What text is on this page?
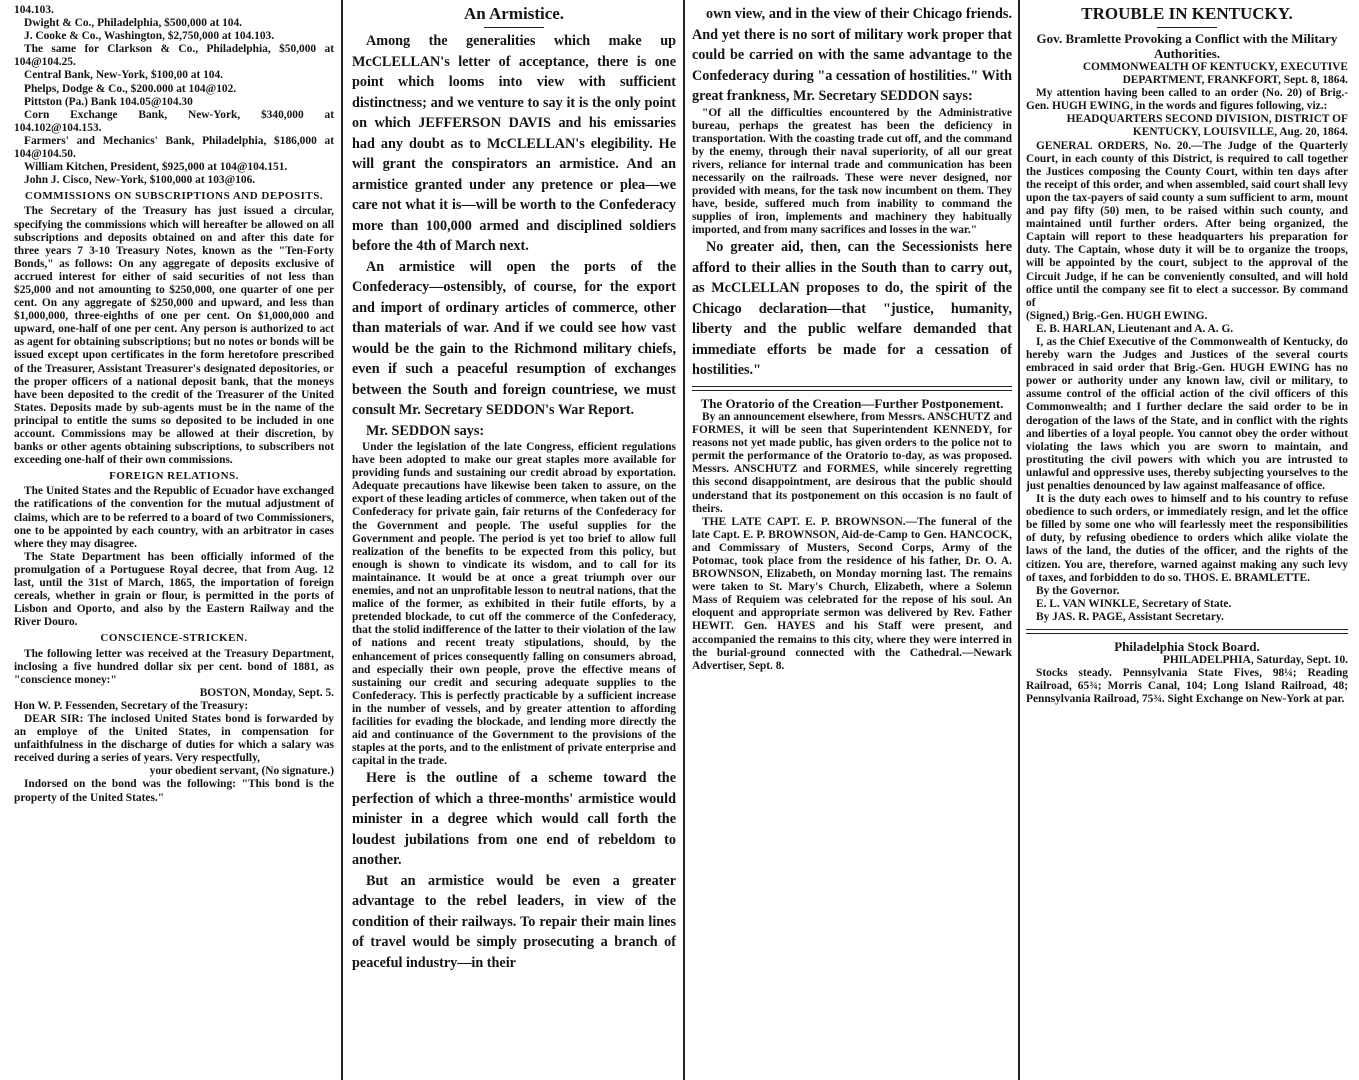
104.103.

Dwight & Co., Philadelphia, $500,000 at 104.

J. Cooke & Co., Washington, $2,750,000 at 104.103.

The same for Clarkson & Co., Philadelphia, $50,000 at 104@104.25.

Central Bank, New-York, $100,00 at 104.

Phelps, Dodge & Co., $200.000 at 104@102.

Pittston (Pa.) Bank 104.05@104.30

Corn Exchange Bank, New-York, $340,000 at 104.102@104.153.

Farmers' and Mechanics' Bank, Philadelphia, $186,000 at 104@104.50.

William Kitchen, President, $925,000 at 104@104.151.

John J. Cisco, New-York, $100,000 at 103@106.

COMMISSIONS ON SUBSCRIPTIONS AND DEPOSITS.

The Secretary of the Treasury has just issued a circular, specifying the commissions which will hereafter be allowed on all subscriptions and deposits obtained on and after this date for three years 7 3-10 Treasury Notes, known as the "Ten-Forty Bonds," as follows: On any aggregate of deposits exclusive of accrued interest for either of said securities of not less than $25,000 and not amounting to $250,000, one quarter of one per cent. On any aggregate of $250,000 and upward, and less than $1,000,000, three-eighths of one per cent. On $1,000,000 and upward, one-half of one per cent. Any person is authorized to act as agent for obtaining subscriptions; but no notes or bonds will be issued except upon certificates in the form heretofore prescribed of the Treasurer, Assistant Treasurer's designated depositories, or the proper officers of a national deposit bank, that the moneys have been deposited to the credit of the Treasurer of the United States. Deposits made by sub-agents must be in the name of the principal to entitle the sums so deposited to be included in one account. Commissions may be allowed at their discretion, by banks or other agents obtaining subscriptions, to subscribers not exceeding one-half of their own commissions.

FOREIGN RELATIONS.

The United States and the Republic of Ecuador have exchanged the ratifications of the convention for the mutual adjustment of claims, which are to be referred to a board of two Commissioners, one to be appointed by each country, with an arbitrator in cases where they may disagree.

The State Department has been officially informed of the promulgation of a Portuguese Royal decree, that from Aug. 12 last, until the 31st of March, 1865, the importation of foreign cereals, whether in grain or flour, is permitted in the ports of Lisbon and Oporto, and also by the Eastern Railway and the River Douro.

CONSCIENCE-STRICKEN.

The following letter was received at the Treasury Department, inclosing a five hundred dollar six per cent. bond of 1881, as "conscience money:"

BOSTON, Monday, Sept. 5.

Hon W. P. Fessenden, Secretary of the Treasury:

DEAR SIR: The inclosed United States bond is forwarded by an employe of the United States, in compensation for unfaithfulness in the discharge of duties for which a salary was received during a series of years. Very respectfully,

your obedient servant, (No signature.)

Indorsed on the bond was the following: "This bond is the property of the United States."

An Armistice.

Among the generalities which make up McCLELLAN's letter of acceptance, there is one point which looms into view with sufficient distinctness; and we venture to say it is the only point on which JEFFERSON DAVIS and his emissaries had any doubt as to McCLELLAN's elegibility. He will grant the conspirators an armistice. And an armistice granted under any pretence or plea—we care not what it is—will be worth to the Confederacy more than 100,000 armed and disciplined soldiers before the 4th of March next.

An armistice will open the ports of the Confederacy—ostensibly, of course, for the export and import of ordinary articles of commerce, other than materials of war. And if we could see how vast would be the gain to the Richmond military chiefs, even if such a peaceful resumption of exchanges between the South and foreign countriese, we must consult Mr. Secretary SEDDON's War Report.

Mr. SEDDON says:

Under the legislation of the late Congress, efficient regulations have been adopted to make our great staples more available for providing funds and sustaining our credit abroad by exportation. Adequate precautions have likewise been taken to assure, on the export of these leading articles of commerce, when taken out of the Confederacy for private gain, fair returns of the Confederacy for the Government and people. The useful supplies for the Government and people. The period is yet too brief to allow full realization of the benefits to be expected from this policy, but enough is shown to vindicate its wisdom, and to call for its maintainance. It would be at once a great triumph over our enemies, and not an unprofitable lesson to neutral nations, that the malice of the former, as exhibited in their futile efforts, by a pretended blockade, to cut off the commerce of the Confederacy, that the stolid indifference of the latter to their violation of the law of nations and recent treaty stipulations, should, by the enhancement of prices consequently falling on consumers abroad, and especially their own people, prove the effective means of sustaining our credit and securing adequate supplies to the Confederacy. This is perfectly practicable by a sufficient increase in the number of vessels, and by greater attention to affording facilities for evading the blockade, and lending more directly the aid and continuance of the Government to the provisions of the staples at the ports, and to the enlistment of private enterprise and capital in the trade.

Here is the outline of a scheme toward the perfection of which a three-months' armistice would minister in a degree which would call forth the loudest jubilations from one end of rebeldom to another.

But an armistice would be even a greater advantage to the rebel leaders, in view of the condition of their railways. To repair their main lines of travel would be simply prosecuting a branch of peaceful industry—in their

own view, and in the view of their Chicago friends. And yet there is no sort of military work proper that could be carried on with the same advantage to the Confederacy during "a cessation of hostilities." With great frankness, Mr. Secretary SEDDON says:

"Of all the difficulties encountered by the Administrative bureau, perhaps the greatest has been the deficiency in transportation. With the coasting trade cut off, and the command by the enemy, through their naval superiority, of all our great rivers, reliance for internal trade and communication has been necessarily on the railroads. These were never designed, nor provided with means, for the task now incumbent on them. They have, beside, suffered much from inability to command the supplies of iron, implements and machinery they habitually imported, and from many sacrifices and losses in the war."

No greater aid, then, can the Secessionists here afford to their allies in the South than to carry out, as McCLELLAN proposes to do, the spirit of the Chicago declaration—that "justice, humanity, liberty and the public welfare demanded that immediate efforts be made for a cessation of hostilities."

The Oratorio of the Creation—Further Postponement.

By an announcement elsewhere, from Messrs. ANSCHUTZ and FORMES, it will be seen that Superintendent KENNEDY, for reasons not yet made public, has given orders to the police not to permit the performance of the Oratorio to-day, as was proposed. Messrs. ANSCHUTZ and FORMES, while sincerely regretting this second disappointment, are desirous that the public should understand that its postponement on this occasion is no fault of theirs.

THE LATE CAPT. E. P. BROWNSON.—The funeral of the late Capt. E. P. BROWNSON, Aid-de-Camp to Gen. HANCOCK, and Commissary of Musters, Second Corps, Army of the Potomac, took place from the residence of his father, Dr. O. A. BROWNSON, Elizabeth, on Monday morning last. The remains were taken to St. Mary's Church, Elizabeth, where a Solemn Mass of Requiem was celebrated for the repose of his soul. An eloquent and appropriate sermon was delivered by Rev. Father HEWIT. Gen. HAYES and his Staff were present, and accompanied the remains to this city, where they were interred in the burial-ground connected with the Cathedral.—Newark Advertiser, Sept. 8.

TROUBLE IN KENTUCKY.

Gov. Bramlette Provoking a Conflict with the Military Authorities.

COMMONWEALTH OF KENTUCKY, EXECUTIVE DEPARTMENT, FRANKFORT, Sept. 8, 1864.

My attention having been called to an order (No. 20) of Brig.-Gen. HUGH EWING, in the words and figures following, viz.:

HEADQUARTERS SECOND DIVISION, DISTRICT OF KENTUCKY, LOUISVILLE, Aug. 20, 1864.

GENERAL ORDERS, No. 20.—The Judge of the Quarterly Court, in each county of this District, is required to call together the Justices composing the County Court, within ten days after the receipt of this order, and when assembled, said court shall levy upon the tax-payers of said county a sum sufficient to arm, mount and pay fifty (50) men, to be raised within such county, and maintained until further orders. After being organized, the Captain will report to these headquarters his preparation for duty. The Captain, whose duty it will be to organize the troops, will be appointed by the court, subject to the approval of the Circuit Judge, if he can be conveniently consulted, and will hold office until the company see fit to elect a successor. By command of

(Signed,) Brig.-Gen. HUGH EWING.

E. B. HARLAN, Lieutenant and A. A. G.

I, as the Chief Executive of the Commonwealth of Kentucky, do hereby warn the Judges and Justices of the several courts embraced in said order that Brig.-Gen. HUGH EWING has no power or authority under any known law, civil or military, to assume control of the official action of the civil officers of this Commonwealth; and I further declare the said order to be in derogation of the laws of the State, and in conflict with the rights and liberties of a loyal people. You cannot obey the order without violating the laws which you are sworn to maintain, and prostituting the civil powers with which you are intrusted to unlawful and oppressive uses, thereby subjecting yourselves to the just penalties denounced by law against malfeasance of office.

It is the duty each owes to himself and to his country to refuse obedience to such orders, or immediately resign, and let the office be filled by some one who will fearlessly meet the responsibilities of duty, by refusing obedience to orders which alike violate the laws of the land, the duties of the officer, and the rights of the citizen. You are, therefore, warned against making any such levy of taxes, and forbidden to do so. THOS. E. BRAMLETTE.

By the Governor.

E. L. VAN WINKLE, Secretary of State.

By JAS. R. PAGE, Assistant Secretary.

Philadelphia Stock Board.

PHILADELPHIA, Saturday, Sept. 10.

Stocks steady. Pennsylvania State Fives, 98¼; Reading Railroad, 65¾; Morris Canal, 104; Long Island Railroad, 48; Pennsylvania Railroad, 75¾. Sight Exchange on New-York at par.
